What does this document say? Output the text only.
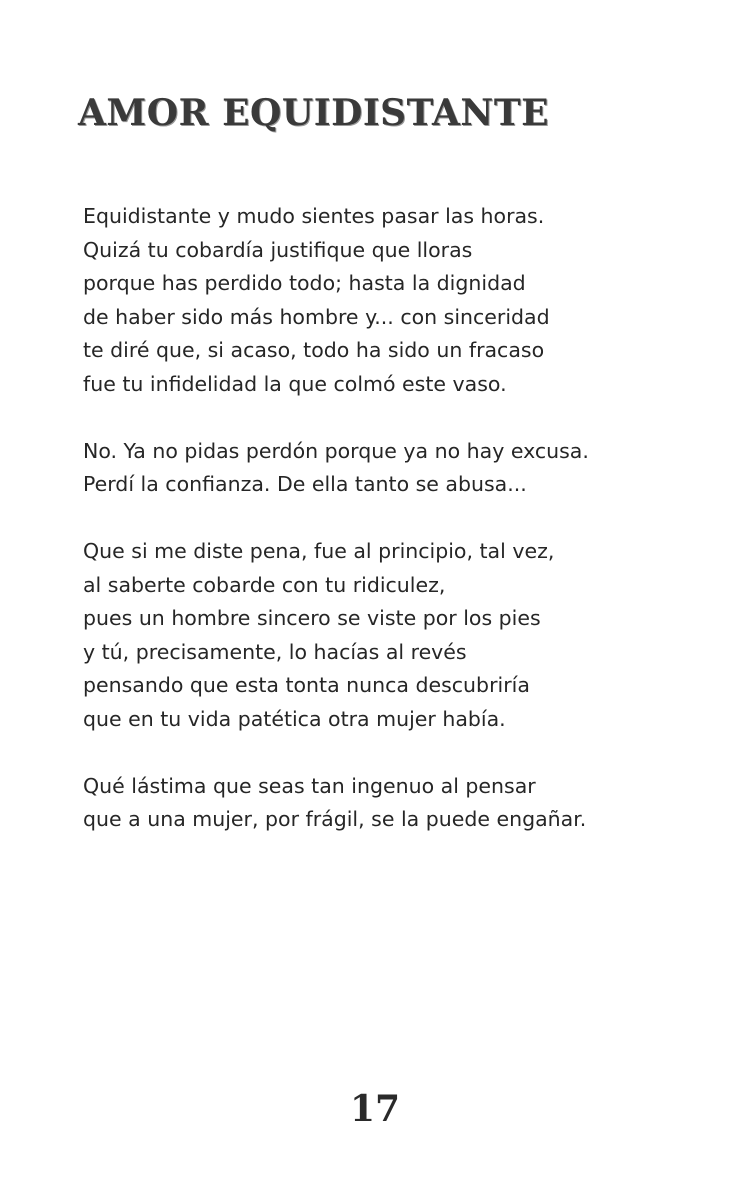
AMOR EQUIDISTANTE

Equidistante y mudo sientes pasar las horas.
Quizá tu cobardía justifique que lloras
porque has perdido todo; hasta la dignidad
de haber sido más hombre y... con sinceridad
te diré que, si acaso, todo ha sido un fracaso
fue tu infidelidad la que colmó este vaso.

No. Ya no pidas perdón porque ya no hay excusa.
Perdí la confianza. De ella tanto se abusa...

Que si me diste pena, fue al principio, tal vez,
al saberte cobarde con tu ridiculez,
pues un hombre sincero se viste por los pies
y tú, precisamente, lo hacías al revés
pensando que esta tonta nunca descubriría
que en tu vida patética otra mujer había.

Qué lástima que seas tan ingenuo al pensar
que a una mujer, por frágil, se la puede engañar.

17
